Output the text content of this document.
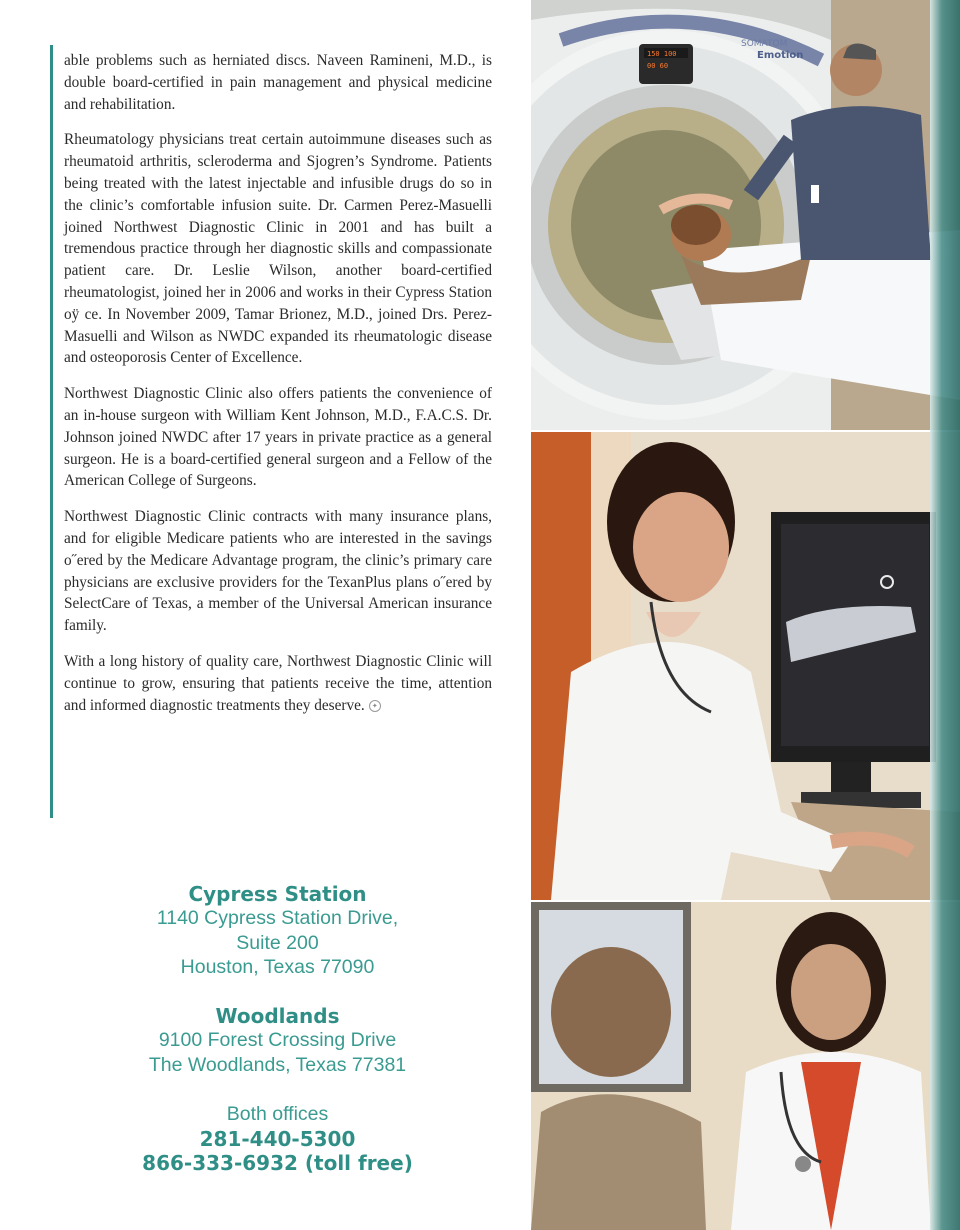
able problems such as herniated discs. Naveen Ramineni, M.D., is double board-certified in pain management and physical medicine and rehabilitation.

Rheumatology physicians treat certain autoimmune diseases such as rheumatoid arthritis, scleroderma and Sjogren’s Syndrome. Patients being treated with the latest injectable and infusible drugs do so in the clinic’s comfortable infusion suite. Dr. Carmen Perez-Masuelli joined Northwest Diagnostic Clinic in 2001 and has built a tremendous practice through her diagnostic skills and compassionate patient care. Dr. Leslie Wilson, another board-certified rheumatologist, joined her in 2006 and works in their Cypress Station oÿ ce. In November 2009, Tamar Brionez, M.D., joined Drs. Perez-Masuelli and Wilson as NWDC expanded its rheumatologic disease and osteoporosis Center of Excellence.

Northwest Diagnostic Clinic also offers patients the convenience of an in-house surgeon with William Kent Johnson, M.D., F.A.C.S. Dr. Johnson joined NWDC after 17 years in private practice as a general surgeon. He is a board-certified general surgeon and a Fellow of the American College of Surgeons.

Northwest Diagnostic Clinic contracts with many insurance plans, and for eligible Medicare patients who are interested in the savings o˝ered by the Medicare Advantage program, the clinic’s primary care physicians are exclusive providers for the TexanPlus plans o˝ered by SelectCare of Texas, a member of the Universal American insurance family.

With a long history of quality care, Northwest Diagnostic Clinic will continue to grow, ensuring that patients receive the time, attention and informed diagnostic treatments they deserve. ✦

Cypress Station
1140 Cypress Station Drive,
Suite 200
Houston, Texas 77090
Woodlands
9100 Forest Crossing Drive
The Woodlands, Texas 77381
Both offices
281-440-5300
866-333-6932 (toll free)
150 100
00 60
SOMATOM
Emotion
